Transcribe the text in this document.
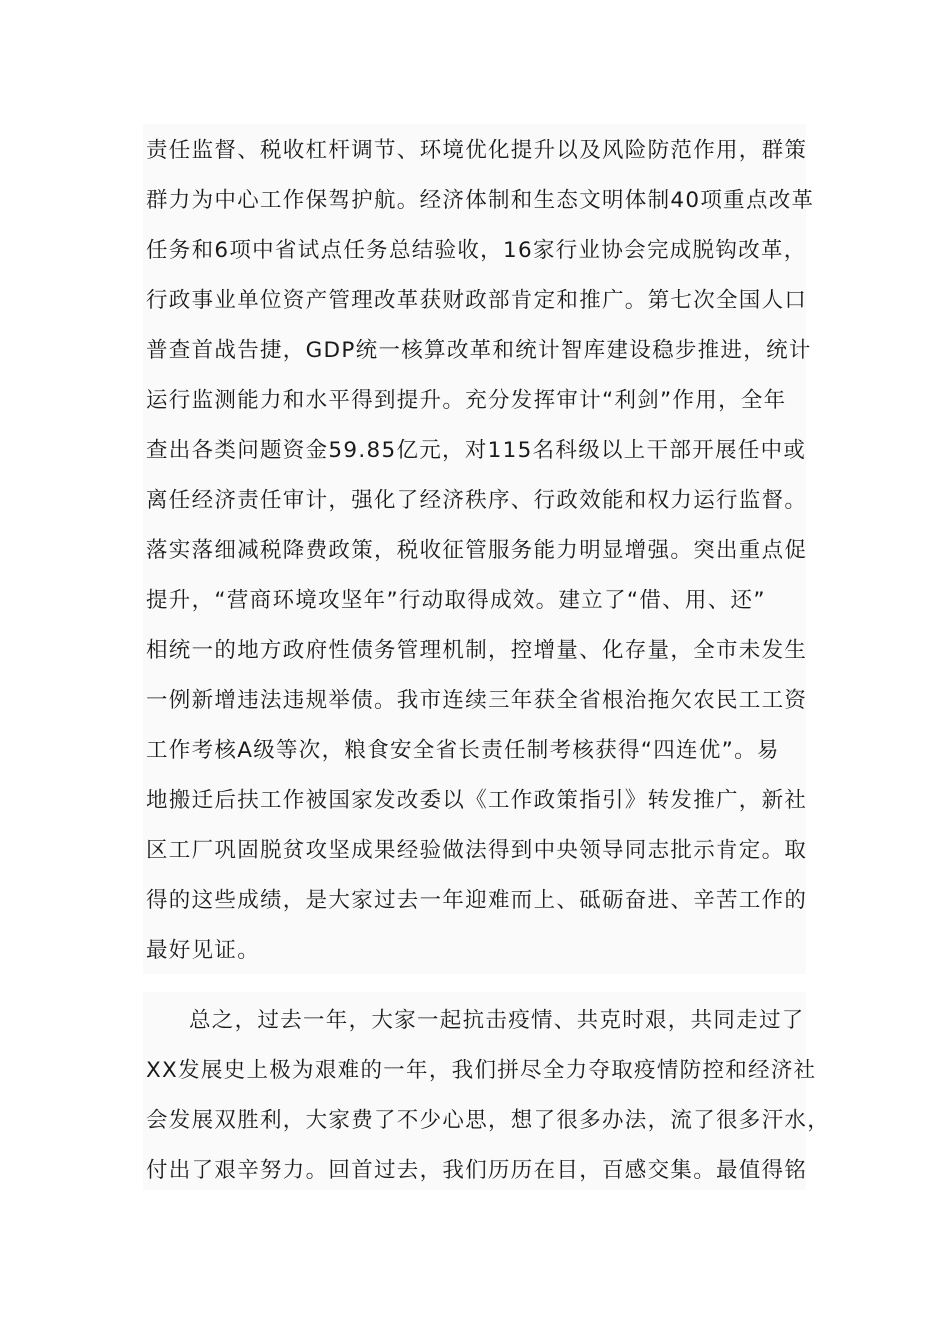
责任监督、税收杠杆调节、环境优化提升以及风险防范作用，群策
群力为中心工作保驾护航。经济体制和生态文明体制40项重点改革
任务和6项中省试点任务总结验收，16家行业协会完成脱钩改革，
行政事业单位资产管理改革获财政部肯定和推广。第七次全国人口
普查首战告捷，GDP统一核算改革和统计智库建设稳步推进，统计
运行监测能力和水平得到提升。充分发挥审计“利剑”作用，全年
查出各类问题资金59.85亿元，对115名科级以上干部开展任中或
离任经济责任审计，强化了经济秩序、行政效能和权力运行监督。
落实落细减税降费政策，税收征管服务能力明显增强。突出重点促
提升，“营商环境攻坚年”行动取得成效。建立了“借、用、还”
相统一的地方政府性债务管理机制，控增量、化存量，全市未发生
一例新增违法违规举债。我市连续三年获全省根治拖欠农民工工资
工作考核A级等次，粮食安全省长责任制考核获得“四连优”。易
地搬迁后扶工作被国家发改委以《工作政策指引》转发推广，新社
区工厂巩固脱贫攻坚成果经验做法得到中央领导同志批示肯定。取
得的这些成绩，是大家过去一年迎难而上、砥砺奋进、辛苦工作的
最好见证。
总之，过去一年，大家一起抗击疫情、共克时艰，共同走过了
XX发展史上极为艰难的一年，我们拼尽全力夺取疫情防控和经济社
会发展双胜利，大家费了不少心思，想了很多办法，流了很多汗水，
付出了艰辛努力。回首过去，我们历历在目，百感交集。最值得铭
